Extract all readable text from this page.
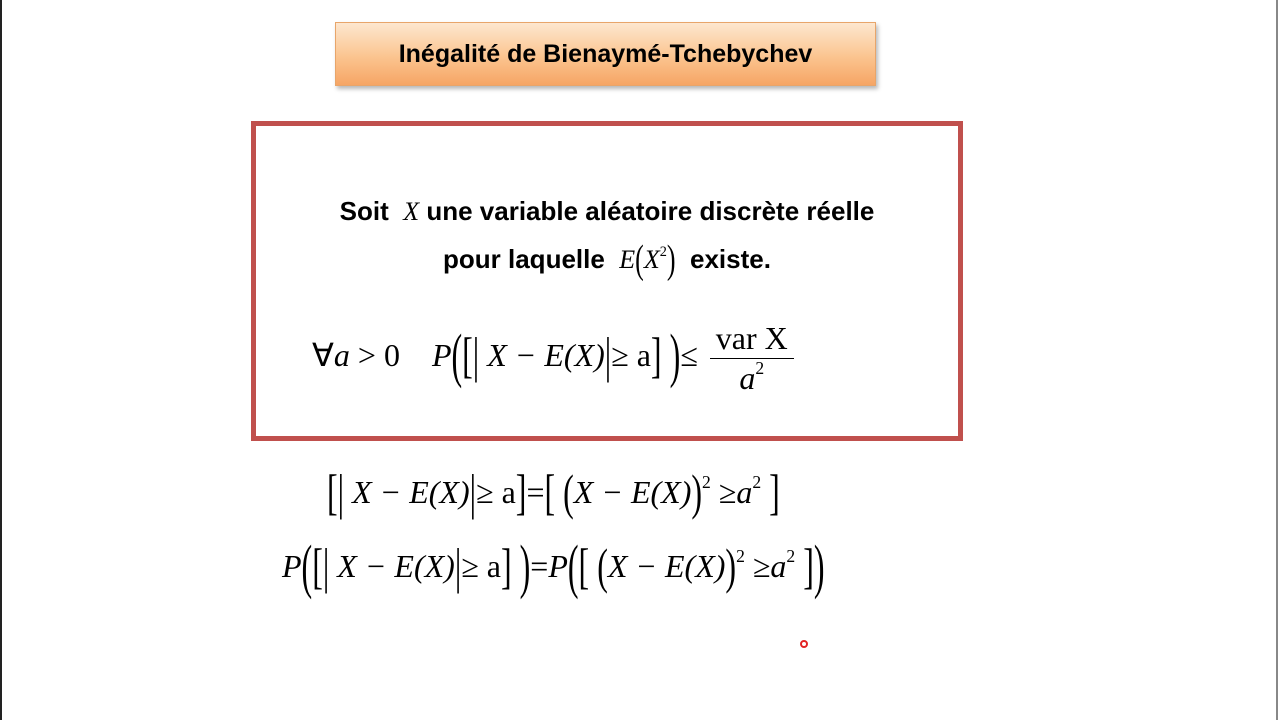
Inégalité de Bienaymé-Tchebychev
Soit X une variable aléatoire discrète réelle
pour laquelle $E(X^2)$ existe.
∀a > 0 P([| X − E(X)|≥ a] )≤ $\frac{\text{var X}}{a^2}$
[| X − E(X)|≥ a]=[ $(X - E(X))^2 \ge a^2$ ]
P([| X − E(X)|≥ a] )=P([ $(X - E(X))^2 \ge a^2$ ])
